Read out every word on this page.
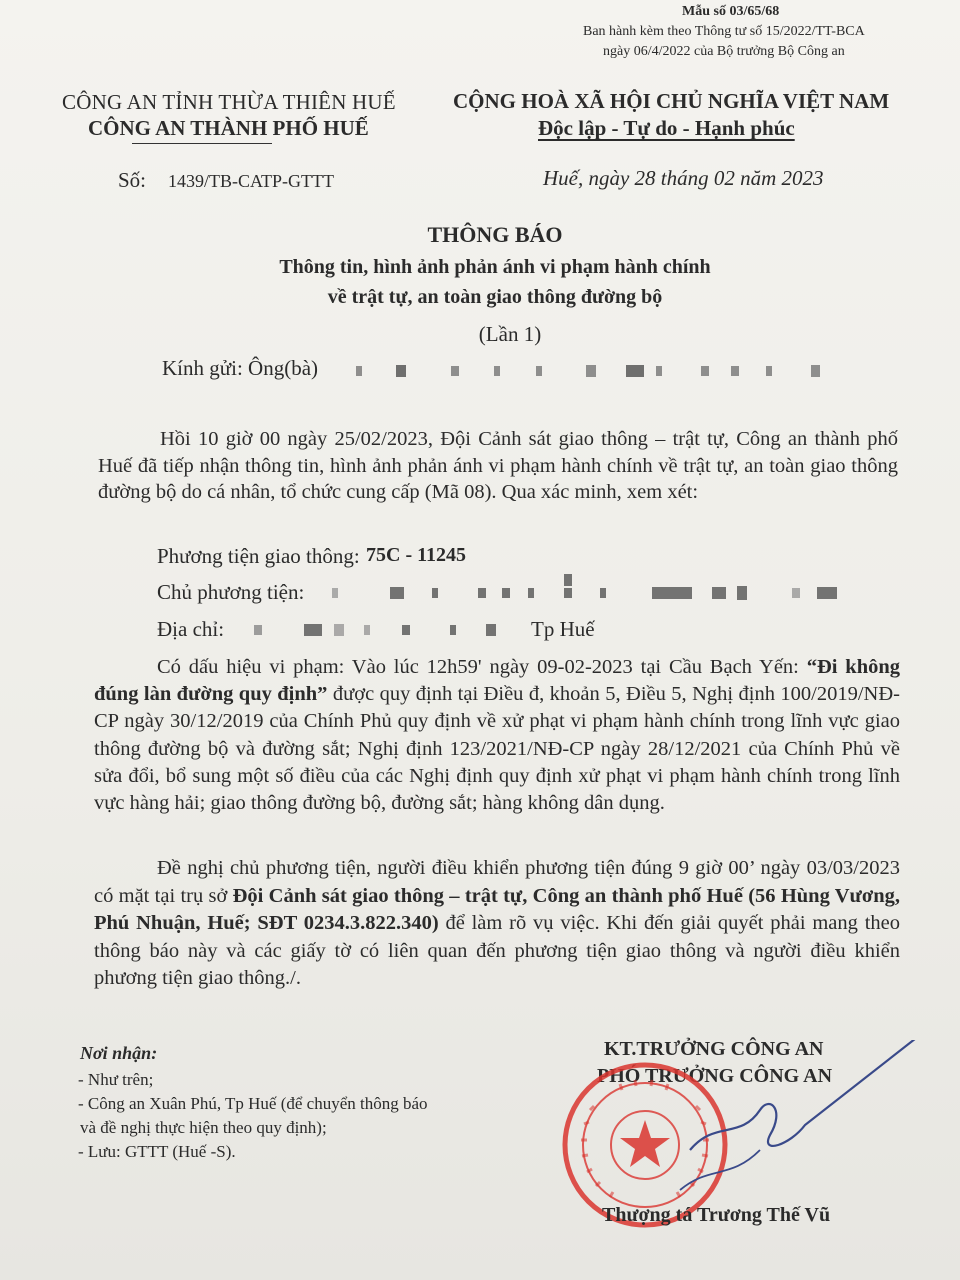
Mẫu số 03/65/68
Ban hành kèm theo Thông tư số 15/2022/TT-BCA
ngày 06/4/2022 của Bộ trưởng Bộ Công an
CÔNG AN TỈNH THỪA THIÊN HUẾ
CÔNG AN THÀNH PHỐ HUẾ
CỘNG HOÀ XÃ HỘI CHỦ NGHĨA VIỆT NAM
Độc lập - Tự do - Hạnh phúc
Số: 1439/TB-CATP-GTTT	Huế, ngày 28 tháng 02 năm 2023
THÔNG BÁO
Thông tin, hình ảnh phản ánh vi phạm hành chính
về trật tự, an toàn giao thông đường bộ
(Lần 1)
Kính gửi: Ông(bà)
Hồi 10 giờ 00 ngày 25/02/2023, Đội Cảnh sát giao thông – trật tự, Công an thành phố Huế đã tiếp nhận thông tin, hình ảnh phản ánh vi phạm hành chính về trật tự, an toàn giao thông đường bộ do cá nhân, tổ chức cung cấp (Mã 08). Qua xác minh, xem xét:
Phương tiện giao thông: 75C - 11245
Chủ phương tiện:
Địa chỉ:	Tp Huế
Có dấu hiệu vi phạm: Vào lúc 12h59' ngày 09-02-2023 tại Cầu Bạch Yến: “Đi không đúng làn đường quy định” được quy định tại Điều đ, khoản 5, Điều 5, Nghị định 100/2019/NĐ-CP ngày 30/12/2019 của Chính Phủ quy định về xử phạt vi phạm hành chính trong lĩnh vực giao thông đường bộ và đường sắt; Nghị định 123/2021/NĐ-CP ngày 28/12/2021 của Chính Phủ về sửa đổi, bổ sung một số điều của các Nghị định quy định xử phạt vi phạm hành chính trong lĩnh vực hàng hải; giao thông đường bộ, đường sắt; hàng không dân dụng.
Đề nghị chủ phương tiện, người điều khiển phương tiện đúng 9 giờ 00’ ngày 03/03/2023 có mặt tại trụ sở Đội Cảnh sát giao thông – trật tự, Công an thành phố Huế (56 Hùng Vương, Phú Nhuận, Huế; SĐT 0234.3.822.340) để làm rõ vụ việc. Khi đến giải quyết phải mang theo thông báo này và các giấy tờ có liên quan đến phương tiện giao thông và người điều khiển phương tiện giao thông./.
Nơi nhận:
- Như trên;
- Công an Xuân Phú, Tp Huế (để chuyển thông báo
và đề nghị thực hiện theo quy định);
- Lưu: GTTT (Huế -S).
KT.TRƯỞNG CÔNG AN
PHÓ TRƯỞNG CÔNG AN
Thượng tá Trương Thế Vũ
